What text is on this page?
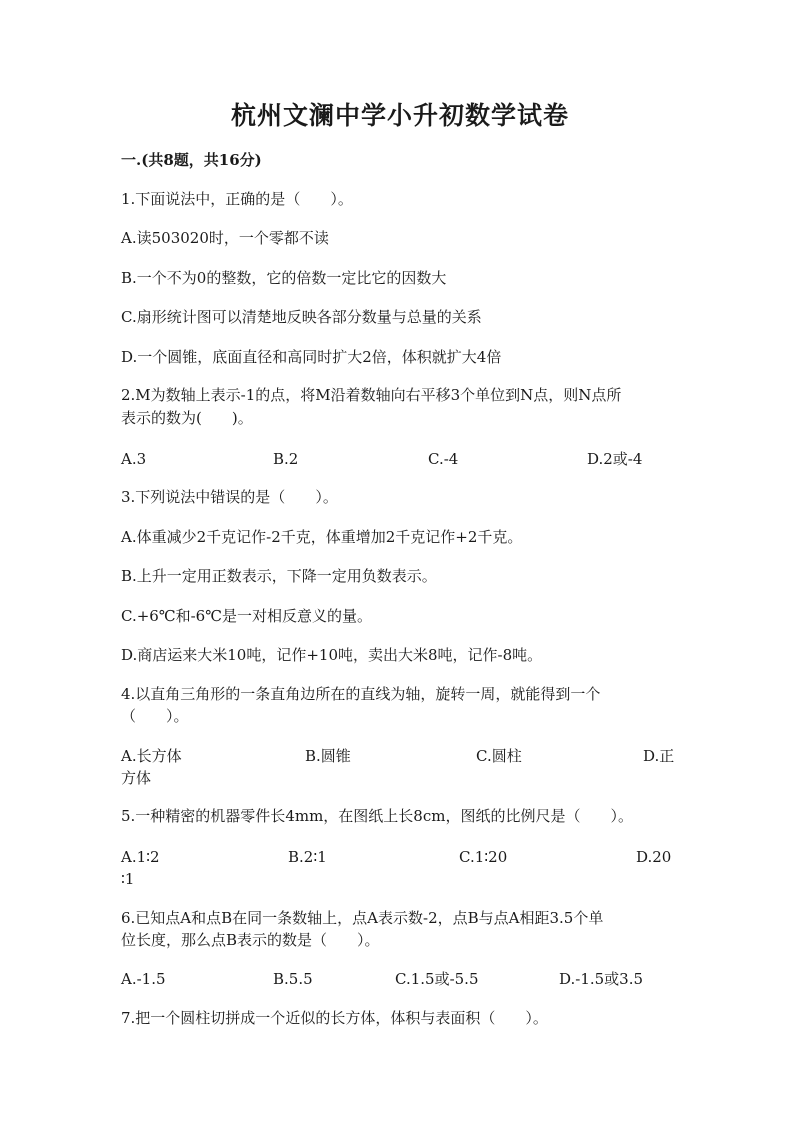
杭州文澜中学小升初数学试卷
一.(共8题，共16分)
1.下面说法中，正确的是（　　）。
A.读503020时，一个零都不读
B.一个不为0的整数，它的倍数一定比它的因数大
C.扇形统计图可以清楚地反映各部分数量与总量的关系
D.一个圆锥，底面直径和高同时扩大2倍，体积就扩大4倍
2.M为数轴上表示-1的点，将M沿着数轴向右平移3个单位到N点，则N点所
表示的数为(　　)。
A.3	B.2	C.-4	D.2或-4
3.下列说法中错误的是（　　）。
A.体重减少2千克记作-2千克，体重增加2千克记作+2千克。
B.上升一定用正数表示，下降一定用负数表示。
C.+6℃和-6℃是一对相反意义的量。
D.商店运来大米10吨，记作+10吨，卖出大米8吨，记作-8吨。
4.以直角三角形的一条直角边所在的直线为轴，旋转一周，就能得到一个
（　　）。
A.长方体	B.圆锥	C.圆柱	D.正
方体
5.一种精密的机器零件长4mm，在图纸上长8cm，图纸的比例尺是（　　）。
A.1∶2	B.2∶1	C.1∶20	D.20
∶1
6.已知点A和点B在同一条数轴上，点A表示数-2，点B与点A相距3.5个单
位长度，那么点B表示的数是（　　）。
A.-1.5	B.5.5	C.1.5或-5.5	D.-1.5或3.5
7.把一个圆柱切拼成一个近似的长方体，体积与表面积（　　）。
